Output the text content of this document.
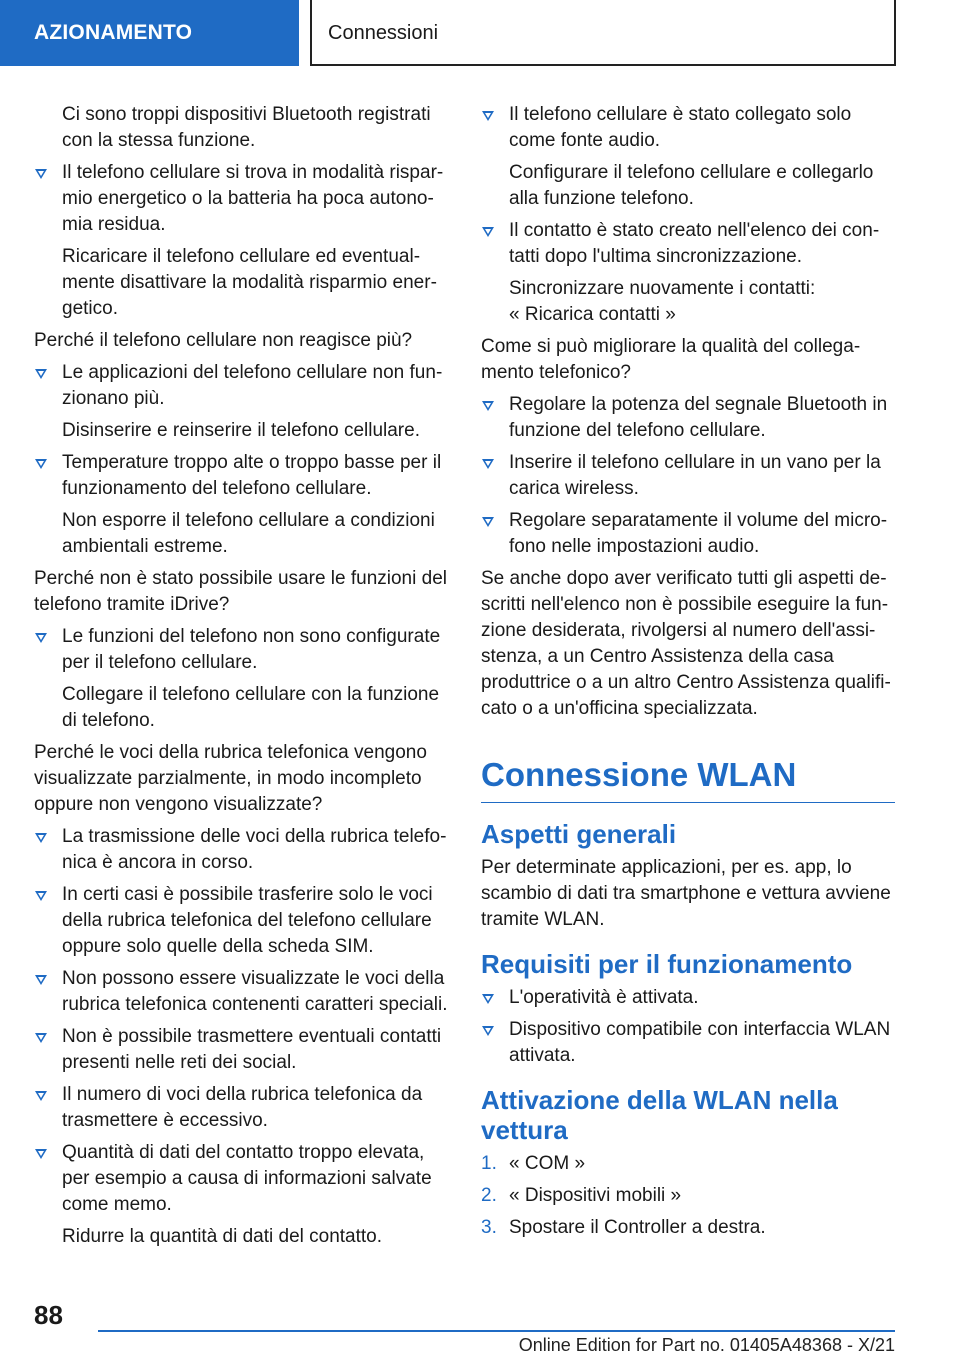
AZIONAMENTO	Connessioni

Ci sono troppi dispositivi Bluetooth registrati con la stessa funzione.

Il telefono cellulare si trova in modalità risparmio energetico o la batteria ha poca autonomia residua.

Ricaricare il telefono cellulare ed eventualmente disattivare la modalità risparmio energetico.

Perché il telefono cellulare non reagisce più?

Le applicazioni del telefono cellulare non funzionano più.

Disinserire e reinserire il telefono cellulare.

Temperature troppo alte o troppo basse per il funzionamento del telefono cellulare.

Non esporre il telefono cellulare a condizioni ambientali estreme.

Perché non è stato possibile usare le funzioni del telefono tramite iDrive?

Le funzioni del telefono non sono configurate per il telefono cellulare.

Collegare il telefono cellulare con la funzione di telefono.

Perché le voci della rubrica telefonica vengono visualizzate parzialmente, in modo incompleto oppure non vengono visualizzate?

La trasmissione delle voci della rubrica telefonica è ancora in corso.
In certi casi è possibile trasferire solo le voci della rubrica telefonica del telefono cellulare oppure solo quelle della scheda SIM.
Non possono essere visualizzate le voci della rubrica telefonica contenenti caratteri speciali.
Non è possibile trasmettere eventuali contatti presenti nelle reti dei social.
Il numero di voci della rubrica telefonica da trasmettere è eccessivo.
Quantità di dati del contatto troppo elevata, per esempio a causa di informazioni salvate come memo.

Ridurre la quantità di dati del contatto.

Il telefono cellulare è stato collegato solo come fonte audio.

Configurare il telefono cellulare e collegarlo alla funzione telefono.

Il contatto è stato creato nell'elenco dei contatti dopo l'ultima sincronizzazione.

Sincronizzare nuovamente i contatti:

« Ricarica contatti »

Come si può migliorare la qualità del collegamento telefonico?

Regolare la potenza del segnale Bluetooth in funzione del telefono cellulare.
Inserire il telefono cellulare in un vano per la carica wireless.
Regolare separatamente il volume del microfono nelle impostazioni audio.

Se anche dopo aver verificato tutti gli aspetti descritti nell'elenco non è possibile eseguire la funzione desiderata, rivolgersi al numero dell'assistenza, a un Centro Assistenza della casa produttrice o a un altro Centro Assistenza qualificato o a un'officina specializzata.

Connessione WLAN
Aspetti generali

Per determinate applicazioni, per es. app, lo scambio di dati tra smartphone e vettura avviene tramite WLAN.

Requisiti per il funzionamento
L'operatività è attivata.
Dispositivo compatibile con interfaccia WLAN attivata.
Attivazione della WLAN nella vettura
1. « COM »
2. « Dispositivi mobili »
3. Spostare il Controller a destra.
88
Online Edition for Part no. 01405A48368 - X/21
